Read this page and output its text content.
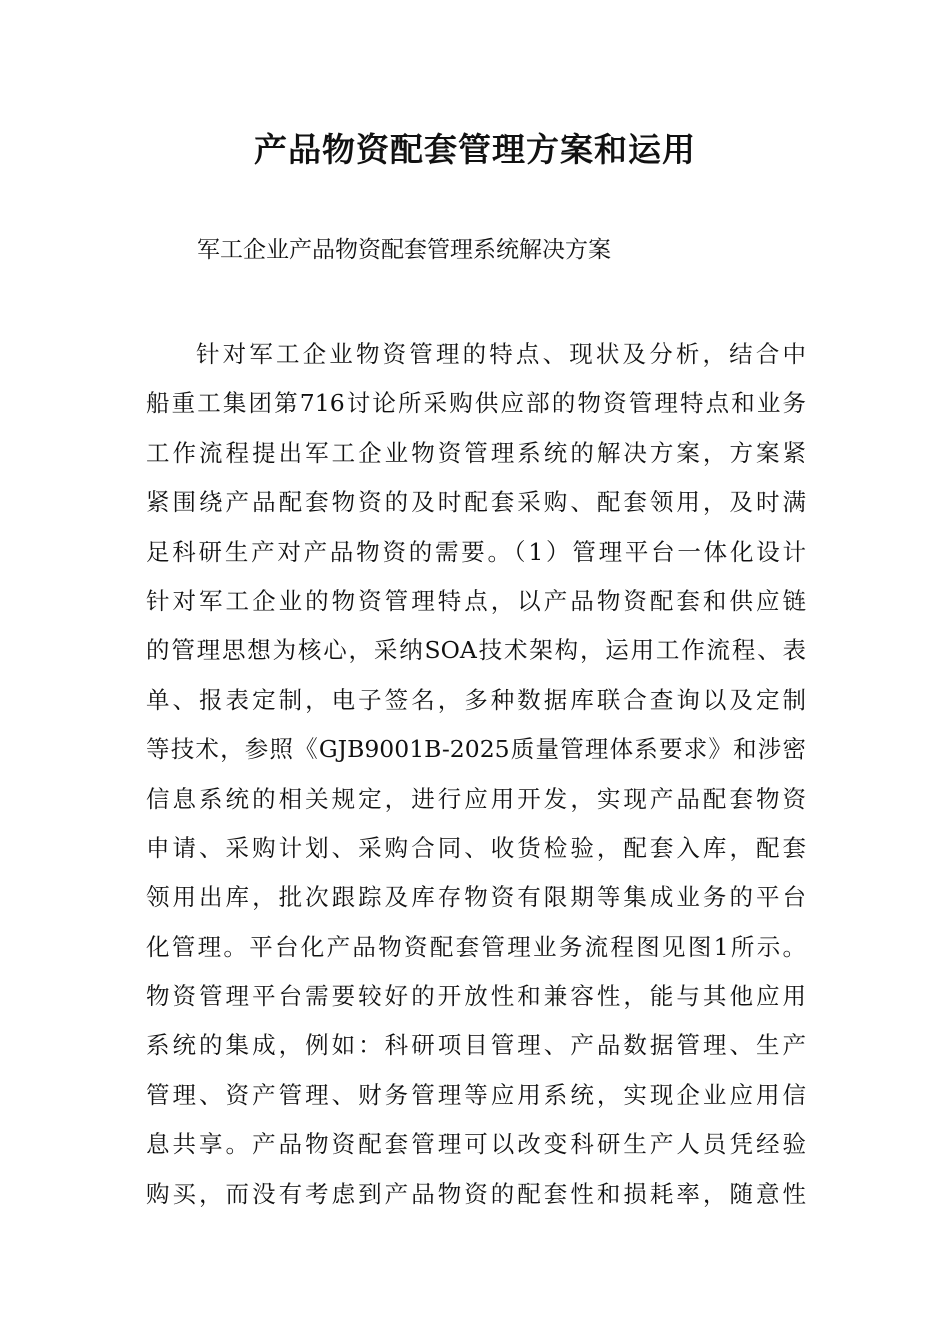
产品物资配套管理方案和运用

军工企业产品物资配套管理系统解决方案

针对军工企业物资管理的特点、现状及分析，结合中
船重工集团第716讨论所采购供应部的物资管理特点和业务
工作流程提出军工企业物资管理系统的解决方案，方案紧
紧围绕产品配套物资的及时配套采购、配套领用，及时满
足科研生产对产品物资的需要。（1）管理平台一体化设计
针对军工企业的物资管理特点，以产品物资配套和供应链
的管理思想为核心，采纳SOA技术架构，运用工作流程、表
单、报表定制，电子签名，多种数据库联合查询以及定制
等技术，参照《GJB9001B-2025质量管理体系要求》和涉密
信息系统的相关规定，进行应用开发，实现产品配套物资
申请、采购计划、采购合同、收货检验，配套入库，配套
领用出库，批次跟踪及库存物资有限期等集成业务的平台
化管理。平台化产品物资配套管理业务流程图见图1所示。
物资管理平台需要较好的开放性和兼容性，能与其他应用
系统的集成，例如：科研项目管理、产品数据管理、生产
管理、资产管理、财务管理等应用系统，实现企业应用信
息共享。产品物资配套管理可以改变科研生产人员凭经验
购买，而没有考虑到产品物资的配套性和损耗率，随意性
